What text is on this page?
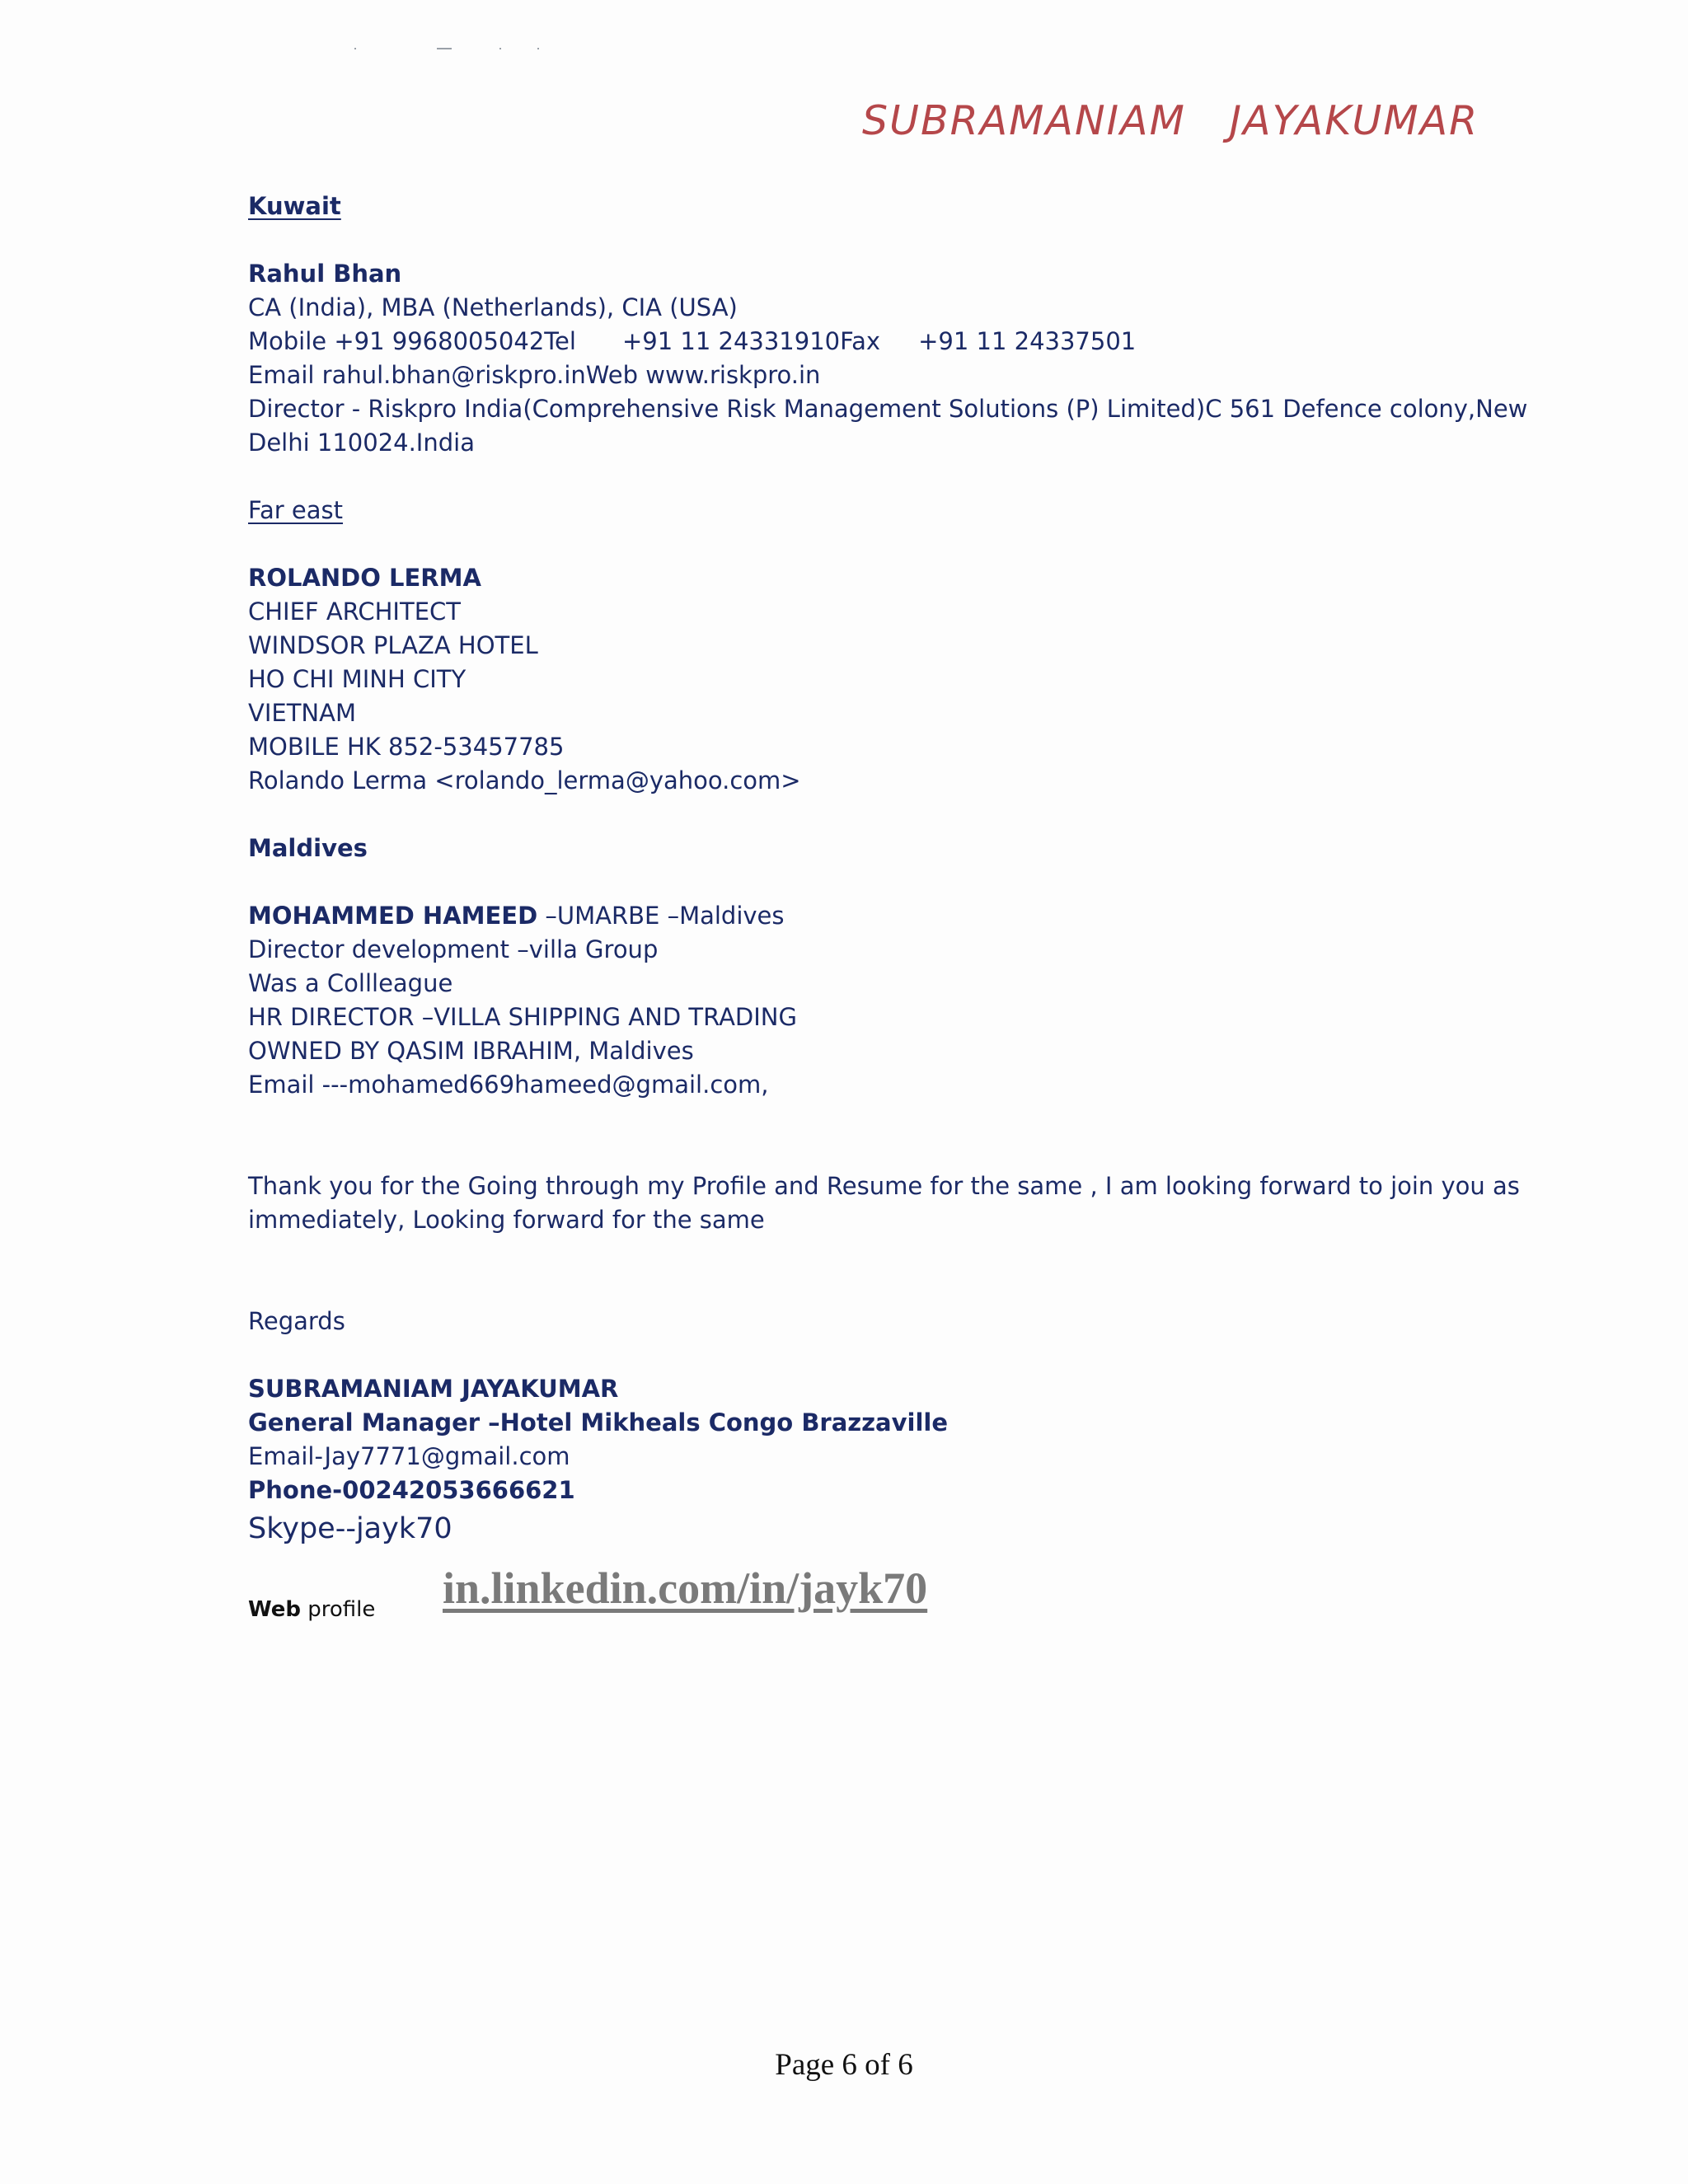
SUBRAMANIAM   JAYAKUMAR
Kuwait
Rahul Bhan
CA (India), MBA (Netherlands), CIA (USA)
Mobile +91 9968005042Tel +91 11 24331910Fax +91 11 24337501
Email rahul.bhan@riskpro.inWeb www.riskpro.in
Director - Riskpro India(Comprehensive Risk Management Solutions (P) Limited)C 561 Defence colony,New
Delhi 110024.India
Far east
ROLANDO LERMA
CHIEF ARCHITECT
WINDSOR PLAZA HOTEL
HO CHI MINH CITY
VIETNAM
MOBILE HK 852-53457785
Rolando Lerma <rolando_lerma@yahoo.com>
Maldives
MOHAMMED HAMEED –UMARBE –Maldives
Director development –villa Group
Was a Collleague
HR DIRECTOR –VILLA SHIPPING AND TRADING
OWNED BY QASIM IBRAHIM, Maldives
Email ---mohamed669hameed@gmail.com,
Thank you for the Going through my Profile and Resume for the same , I am looking forward to join you as
immediately, Looking forward for the same
Regards
SUBRAMANIAM JAYAKUMAR
General Manager –Hotel Mikheals Congo Brazzaville
Email-Jay7771@gmail.com
Phone-00242053666621
Skype--jayk70
Web profile in.linkedin.com/in/jayk70
Page 6 of 6
